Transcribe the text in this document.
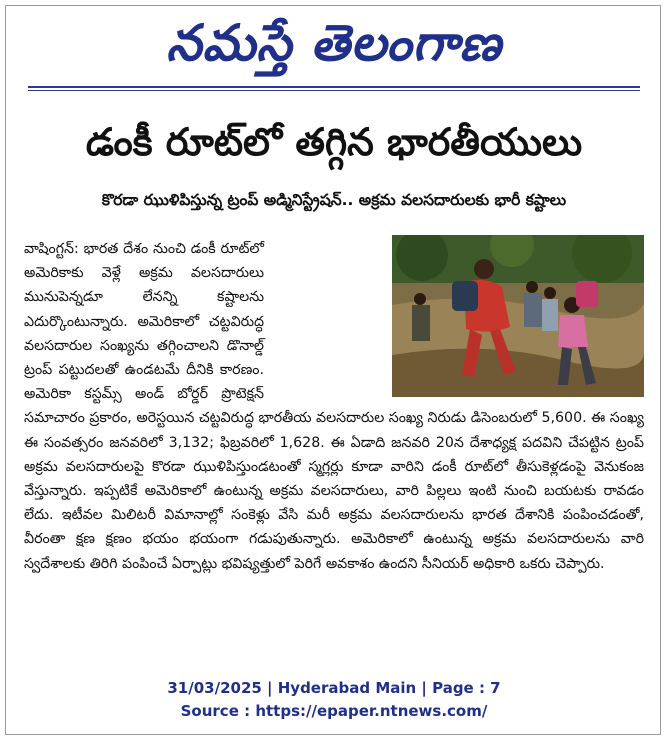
నమస్తే తెలంగాణ
డంకీ రూట్‌లో తగ్గిన భారతీయులు
కొరడా ఝుళిపిస్తున్న ట్రంప్ అడ్మినిస్ట్రేషన్.. అక్రమ వలసదారులకు భారీ కష్టాలు
వాషింగ్టన్: భారత దేశం నుంచి డంకీ రూట్‌లో అమెరికాకు వెళ్లే అక్రమ వలసదారులు మునుపెన్నడూ లేనన్ని కష్టాలను ఎదుర్కొంటున్నారు. అమెరికాలో చట్టవిరుద్ధ వలసదారుల సంఖ్యను తగ్గించాలని డొనాల్డ్ ట్రంప్ పట్టుదలతో ఉండటమే దీనికి కారణం. అమెరికా కస్టమ్స్ అండ్ బోర్డర్ ప్రొటెక్షన్ సమాచారం ప్రకారం, అరెస్టయిన చట్టవిరుద్ధ భారతీయ వలసదారుల సంఖ్య నిరుడు డిసెంబరులో 5,600. ఈ సంఖ్య ఈ సంవత్సరం జనవరిలో 3,132; ఫిబ్రవరిలో 1,628. ఈ ఏడాది జనవరి 20న దేశాధ్యక్ష పదవిని చేపట్టిన ట్రంప్ అక్రమ వలసదారులపై కొరడా ఝుళిపిస్తుండటంతో స్మగ్లర్లు కూడా వారిని డంకీ రూట్‌లో తీసుకెళ్లడంపై వెనుకంజ వేస్తున్నారు. ఇప్పటికే అమెరికాలో ఉంటున్న అక్రమ వలసదారులు, వారి పిల్లలు ఇంటి నుంచి బయటకు రావడం లేదు. ఇటీవల మిలిటరీ విమానాల్లో సంకెళ్లు వేసి మరీ అక్రమ వలసదారులను భారత దేశానికి పంపించడంతో, వీరంతా క్షణ క్షణం భయం భయంగా గడుపుతున్నారు. అమెరికాలో ఉంటున్న అక్రమ వలసదారులను వారి స్వదేశాలకు తిరిగి పంపించే ఏర్పాట్లు భవిష్యత్తులో పెరిగే అవకాశం ఉందని సీనియర్ అధికారి ఒకరు చెప్పారు.
31/03/2025 | Hyderabad Main | Page : 7
Source : https://epaper.ntnews.com/
